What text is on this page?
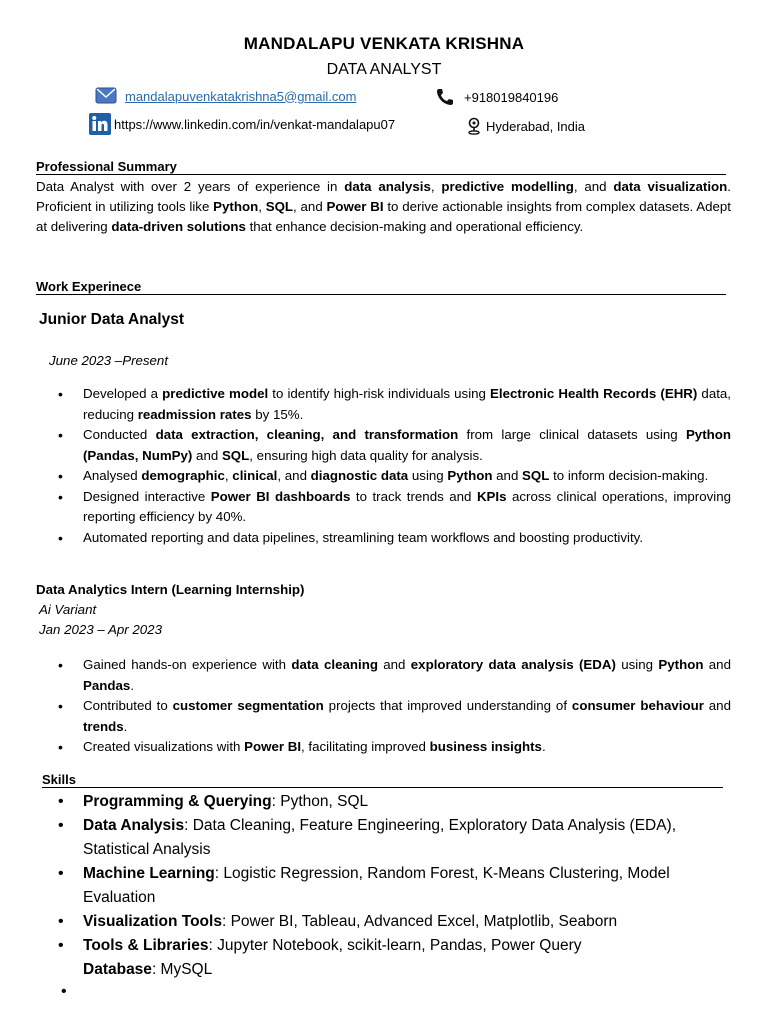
MANDALAPU VENKATA KRISHNA
DATA ANALYST
mandalapuvenkatakrishna5@gmail.com	+918019840196
https://www.linkedin.com/in/venkat-mandalapu07	Hyderabad, India
Professional Summary
Data Analyst with over 2 years of experience in data analysis, predictive modelling, and data visualization. Proficient in utilizing tools like Python, SQL, and Power BI to derive actionable insights from complex datasets. Adept at delivering data-driven solutions that enhance decision-making and operational efficiency.
Work Experinece
Junior Data Analyst
June 2023 –Present
• Developed a predictive model to identify high-risk individuals using Electronic Health Records (EHR) data, reducing readmission rates by 15%.
• Conducted data extraction, cleaning, and transformation from large clinical datasets using Python (Pandas, NumPy) and SQL, ensuring high data quality for analysis.
• Analysed demographic, clinical, and diagnostic data using Python and SQL to inform decision-making.
• Designed interactive Power BI dashboards to track trends and KPIs across clinical operations, improving reporting efficiency by 40%.
• Automated reporting and data pipelines, streamlining team workflows and boosting productivity.
Data Analytics Intern (Learning Internship)
Ai Variant
Jan 2023 – Apr 2023
• Gained hands-on experience with data cleaning and exploratory data analysis (EDA) using Python and Pandas.
• Contributed to customer segmentation projects that improved understanding of consumer behaviour and trends.
• Created visualizations with Power BI, facilitating improved business insights.
Skills
• Programming & Querying: Python, SQL
• Data Analysis: Data Cleaning, Feature Engineering, Exploratory Data Analysis (EDA), Statistical Analysis
• Machine Learning: Logistic Regression, Random Forest, K-Means Clustering, Model Evaluation
• Visualization Tools: Power BI, Tableau, Advanced Excel, Matplotlib, Seaborn
• Tools & Libraries: Jupyter Notebook, scikit-learn, Pandas, Power Query
Database: MySQL
•
